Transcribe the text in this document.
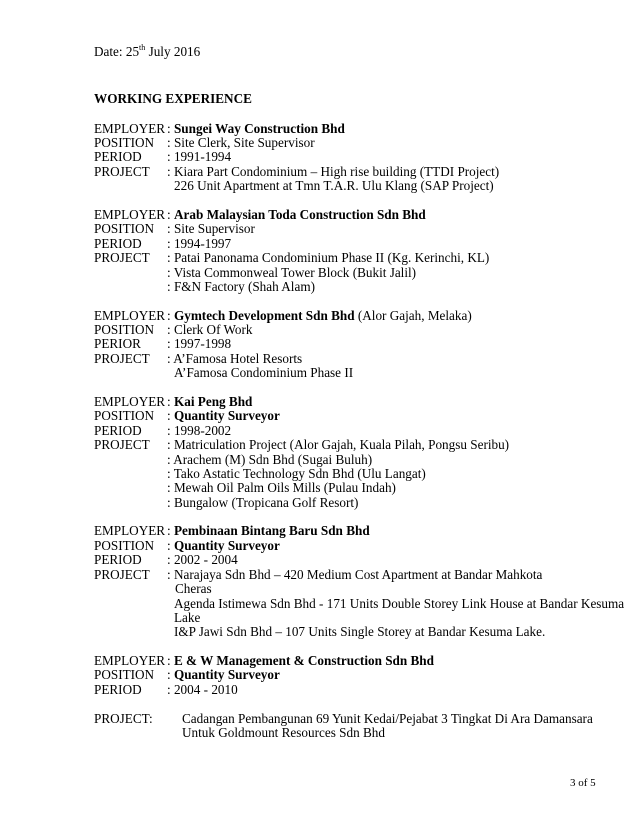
Date: 25th July 2016
WORKING EXPERIENCE
EMPLOYER : Sungei Way Construction Bhd
POSITION : Site Clerk, Site Supervisor
PERIOD : 1991-1994
PROJECT : Kiara Part Condominium – High rise building (TTDI Project)
226 Unit Apartment at Tmn T.A.R. Ulu Klang (SAP Project)
EMPLOYER : Arab Malaysian Toda Construction Sdn Bhd
POSITION : Site Supervisor
PERIOD : 1994-1997
PROJECT : Patai Panonama Condominium Phase II (Kg. Kerinchi, KL)
: Vista Commonweal Tower Block (Bukit Jalil)
: F&N Factory (Shah Alam)
EMPLOYER : Gymtech Development Sdn Bhd (Alor Gajah, Melaka)
POSITION : Clerk Of Work
PERIOR : 1997-1998
PROJECT : A’Famosa Hotel Resorts
A’Famosa Condominium Phase II
EMPLOYER : Kai Peng Bhd
POSITION : Quantity Surveyor
PERIOD : 1998-2002
PROJECT : Matriculation Project (Alor Gajah, Kuala Pilah, Pongsu Seribu)
: Arachem (M) Sdn Bhd (Sugai Buluh)
: Tako Astatic Technology Sdn Bhd (Ulu Langat)
: Mewah Oil Palm Oils Mills (Pulau Indah)
: Bungalow (Tropicana Golf Resort)
EMPLOYER : Pembinaan Bintang Baru Sdn Bhd
POSITION : Quantity Surveyor
PERIOD : 2002 - 2004
PROJECT : Narajaya Sdn Bhd – 420 Medium Cost Apartment at Bandar Mahkota
Cheras
Agenda Istimewa Sdn Bhd - 171 Units Double Storey Link House at Bandar Kesuma
Lake
I&P Jawi Sdn Bhd – 107 Units Single Storey at Bandar Kesuma Lake.
EMPLOYER : E & W Management & Construction Sdn Bhd
POSITION : Quantity Surveyor
PERIOD : 2004 - 2010
PROJECT: Cadangan Pembangunan 69 Yunit Kedai/Pejabat 3 Tingkat Di Ara Damansara
Untuk Goldmount Resources Sdn Bhd
3 of 5
